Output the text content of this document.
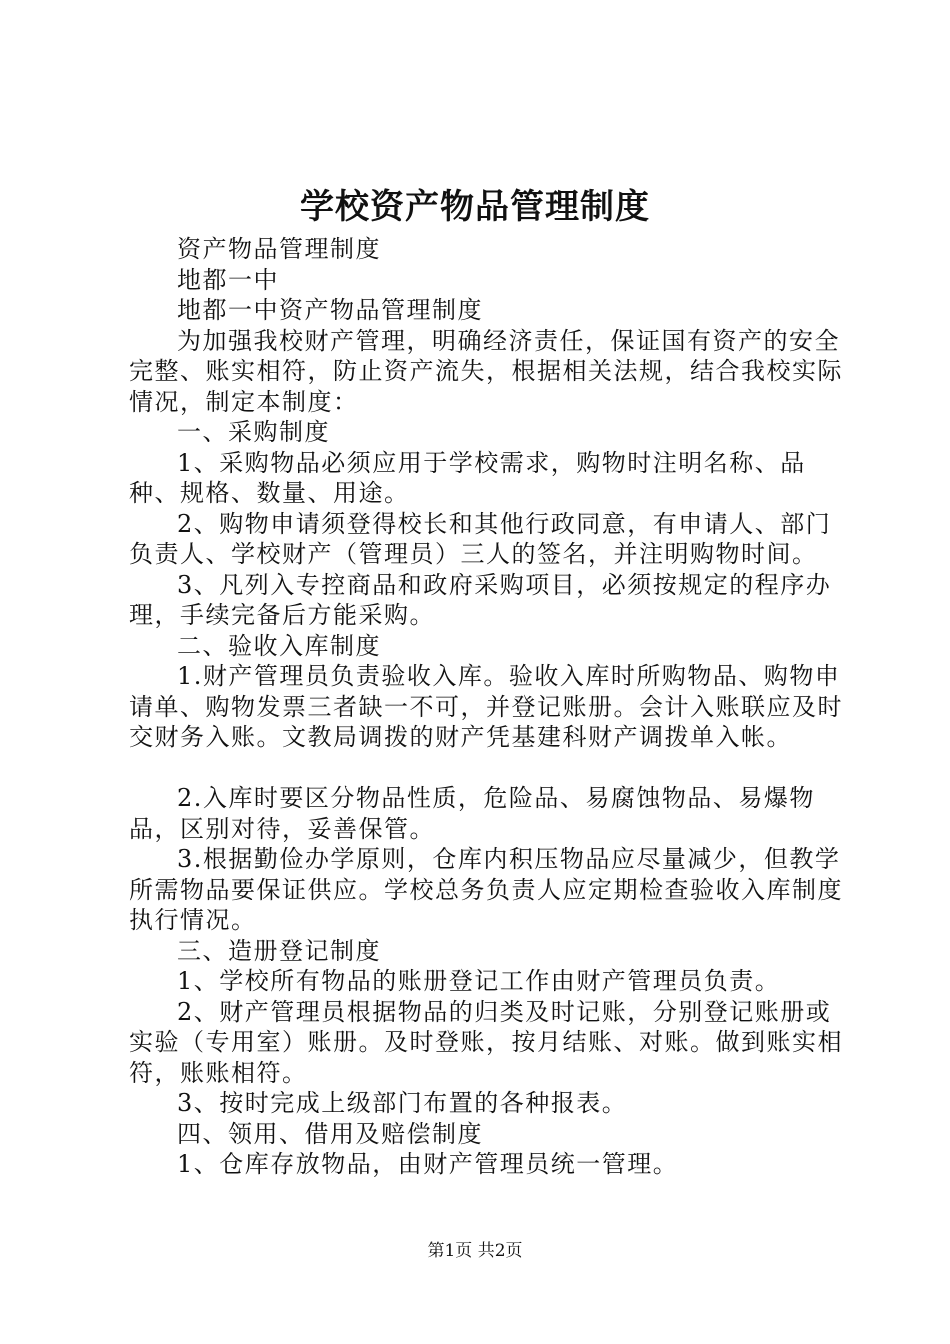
学校资产物品管理制度

资产物品管理制度

地都一中

地都一中资产物品管理制度

为加强我校财产管理，明确经济责任，保证国有资产的安全完整、账实相符，防止资产流失，根据相关法规，结合我校实际情况，制定本制度：

一、采购制度

1、采购物品必须应用于学校需求，购物时注明名称、品种、规格、数量、用途。

2、购物申请须登得校长和其他行政同意，有申请人、部门负责人、学校财产（管理员）三人的签名，并注明购物时间。

3、凡列入专控商品和政府采购项目，必须按规定的程序办理，手续完备后方能采购。

二、验收入库制度

1.财产管理员负责验收入库。验收入库时所购物品、购物申请单、购物发票三者缺一不可，并登记账册。会计入账联应及时交财务入账。文教局调拨的财产凭基建科财产调拨单入帐。

2.入库时要区分物品性质，危险品、易腐蚀物品、易爆物品，区别对待，妥善保管。

3.根据勤俭办学原则，仓库内积压物品应尽量减少，但教学所需物品要保证供应。学校总务负责人应定期检查验收入库制度执行情况。

三、造册登记制度

1、学校所有物品的账册登记工作由财产管理员负责。

2、财产管理员根据物品的归类及时记账，分别登记账册或实验（专用室）账册。及时登账，按月结账、对账。做到账实相符，账账相符。

3、按时完成上级部门布置的各种报表。

四、领用、借用及赔偿制度

1、仓库存放物品，由财产管理员统一管理。

第1页 共2页
